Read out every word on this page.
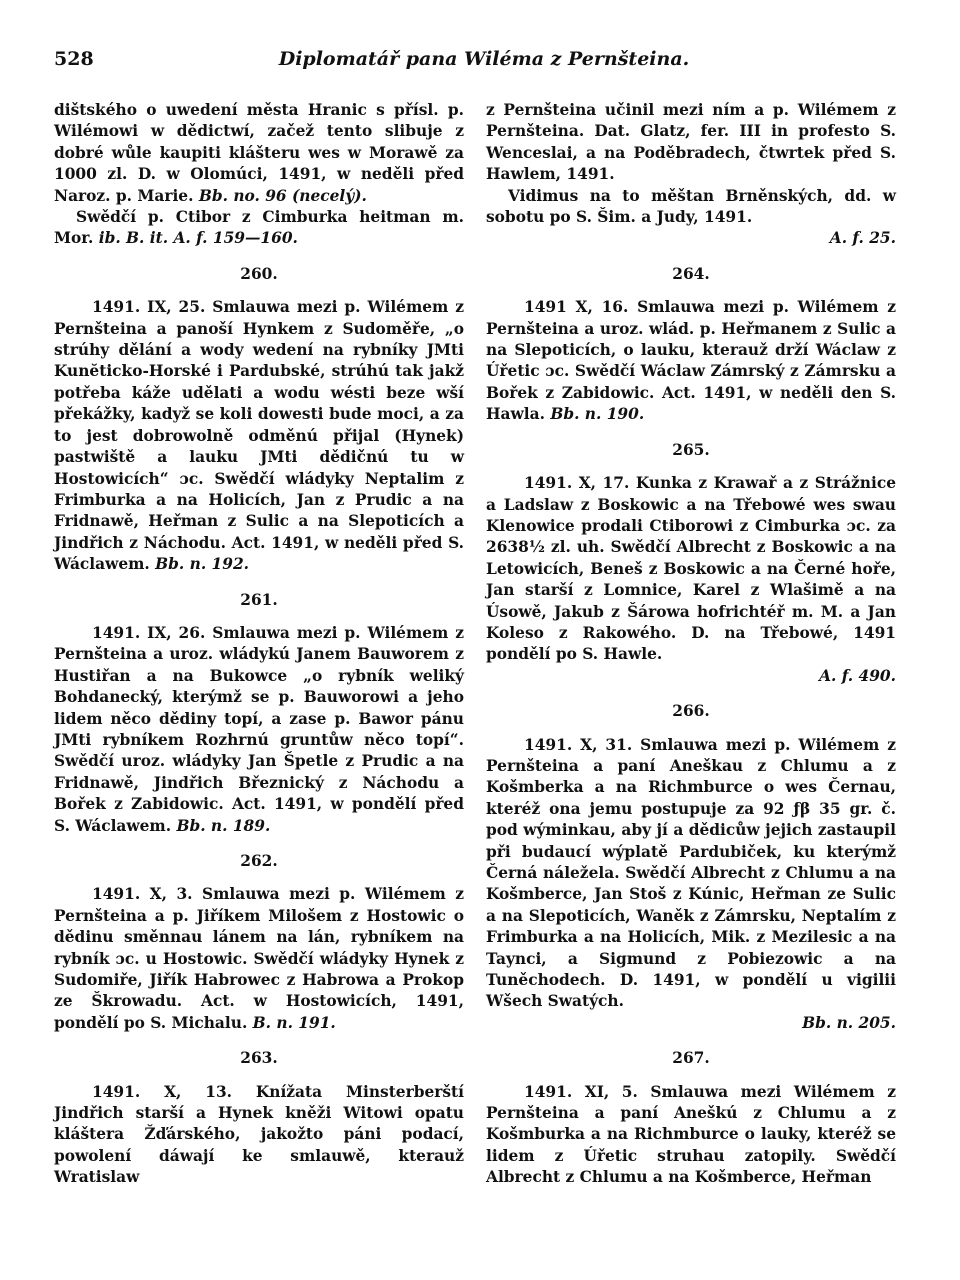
528	Diplomatář pana Wiléma z Pernšteina.

dištského o uwedení města Hranic s přísl. p. Wilémowi w dědictwí, začež tento slibuje z dobré wůle kaupiti klášteru wes w Morawě za 1000 zl. D. w Olomúci, 1491, w neděli před Naroz. p. Marie. Bb. no. 96 (necelý).

Swědčí p. Ctibor z Cimburka heitman m. Mor. ib. B. it. A. f. 159—160.

260.

1491. IX, 25. Smlauwa mezi p. Wilémem z Pernšteina a panoší Hynkem z Sudoměře, „o strúhy dělání a wody wedení na rybníky JMti Kunĕticko-Horské i Pardubské, strúhú tak jakž potřeba káže udělati a wodu wésti beze wší překážky, kadyž se koli dowesti bude moci, a za to jest dobrowolně odměnú přijal (Hynek) pastwiště a lauku JMti dědičnú tu w Hostowicích“ ɔc. Swědčí wládyky Neptalim z Frimburka a na Holicích, Jan z Prudic a na Fridnawě, Heřman z Sulic a na Slepoticích a Jindřich z Náchodu. Act. 1491, w neděli před S. Wáclawem. Bb. n. 192.

261.

1491. IX, 26. Smlauwa mezi p. Wilémem z Pernšteina a uroz. wládykú Janem Bauworem z Hustiřan a na Bukowce „o rybník weliký Bohdanecký, kterýmž se p. Bauworowi a jeho lidem něco dědiny topí, a zase p. Bawor pánu JMti rybníkem Rozhrnú gruntůw něco topí“. Swědčí uroz. wládyky Jan Špetle z Prudic a na Fridnawě, Jindřich Březnický z Náchodu a Bořek z Zabidowic. Act. 1491, w pondělí před S. Wáclawem. Bb. n. 189.

262.

1491. X, 3. Smlauwa mezi p. Wilémem z Pernšteina a p. Jiříkem Milošem z Hostowic o dědinu směnnau lánem na lán, rybníkem na rybník ɔc. u Hostowic. Swědčí wládyky Hynek z Sudomiře, Jiřík Habrowec z Habrowa a Prokop ze Škrowadu. Act. w Hostowicích, 1491, pondělí po S. Michalu. B. n. 191.

263.

1491. X, 13. Knížata Minsterberští Jindřich starší a Hynek kněži Witowi opatu kláštera Žďárského, jakožto páni podací, powolení dáwají ke smlauwě, kterauž Wratislaw

z Pernšteina učinil mezi ním a p. Wilémem z Pernšteina. Dat. Glatz, fer. III in profesto S. Wenceslai, a na Poděbradech, čtwrtek před S. Hawlem, 1491.

Vidimus na to měštan Brněnských, dd. w sobotu po S. Šim. a Judy, 1491.

A. f. 25.

264.

1491 X, 16. Smlauwa mezi p. Wilémem z Pernšteina a uroz. wlád. p. Heřmanem z Sulic a na Slepoticích, o lauku, kterauž drží Wáclaw z Úřetic ɔc. Swědčí Wáclaw Zámrský z Zámrsku a Bořek z Zabidowic. Act. 1491, w neděli den S. Hawla. Bb. n. 190.

265.

1491. X, 17. Kunka z Krawař a z Strážnice a Ladslaw z Boskowic a na Třebowé wes swau Klenowice prodali Ctiborowi z Cimburka ɔc. za 2638½ zl. uh. Swědčí Albrecht z Boskowic a na Letowicích, Beneš z Boskowic a na Černé hoře, Jan starší z Lomnice, Karel z Wlašimě a na Úsowě, Jakub z Šárowa hofrichtéř m. M. a Jan Koleso z Rakowého. D. na Třebowé, 1491 pondělí po S. Hawle.

A. f. 490.

266.

1491. X, 31. Smlauwa mezi p. Wilémem z Pernšteina a paní Aneškau z Chlumu a z Košmberka a na Richmburce o wes Černau, kteréž ona jemu postupuje za 92 ƒβ 35 gr. č. pod wýminkau, aby jí a dědicůw jejich zastaupil při budaucí wýplatě Pardubiček, ku kterýmž Černá náležela. Swědčí Albrecht z Chlumu a na Košmberce, Jan Stoš z Kúnic, Heřman ze Sulic a na Slepoticích, Waněk z Zámrsku, Neptalím z Frimburka a na Holicích, Mik. z Mezilesic a na Taynci, a Sigmund z Pobiezowic a na Tuněchodech. D. 1491, w pondělí u vigilii Wšech Swatých.

Bb. n. 205.

267.

1491. XI, 5. Smlauwa mezi Wilémem z Pernšteina a paní Aneškú z Chlumu a z Košmburka a na Richmburce o lauky, kteréž se lidem z Úřetic struhau zatopily. Swědčí Albrecht z Chlumu a na Košmberce, Heřman
